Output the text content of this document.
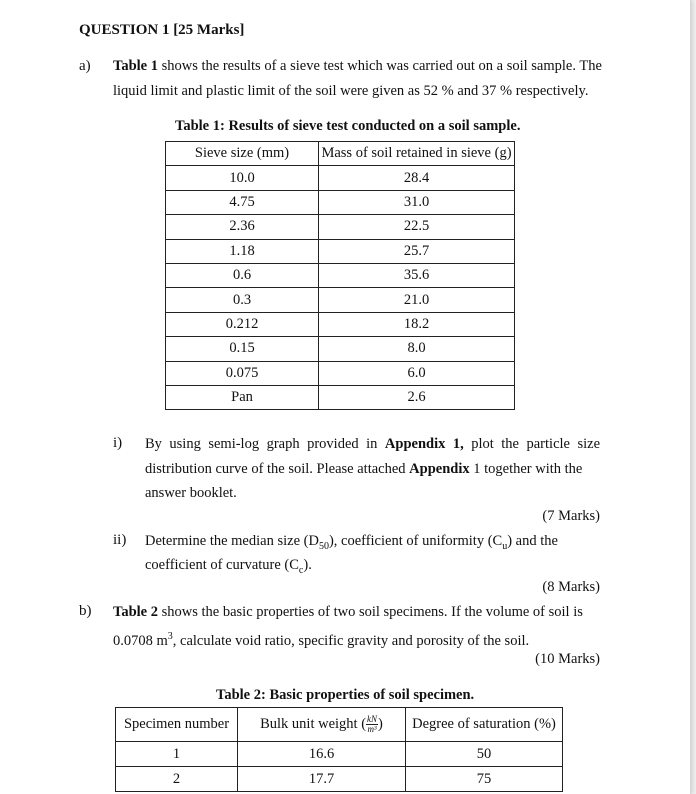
QUESTION 1 [25 Marks]
a) Table 1 shows the results of a sieve test which was carried out on a soil sample. The
liquid limit and plastic limit of the soil were given as 52 % and 37 % respectively.
Table 1: Results of sieve test conducted on a soil sample.
Sieve size (mm)	Mass of soil retained in sieve (g)
10.0	28.4
4.75	31.0
2.36	22.5
1.18	25.7
0.6	35.6
0.3	21.0
0.212	18.2
0.15	8.0
0.075	6.0
Pan	2.6
i) By using semi-log graph provided in Appendix 1, plot the particle size
distribution curve of the soil. Please attached Appendix 1 together with the
answer booklet.
(7 Marks)
ii) Determine the median size $(D_{50})$, coefficient of uniformity $(C_u)$ and the
coefficient of curvature $(C_c)$.
(8 Marks)
b) Table 2 shows the basic properties of two soil specimens. If the volume of soil is
0.0708 $m^3$, calculate void ratio, specific gravity and porosity of the soil.
(10 Marks)
Table 2: Basic properties of soil specimen.
Specimen number	Bulk unit weight ( $\frac{kN}{\text{m³}}$ )	Degree of saturation (%)
1	16.6	50
2	17.7	75
